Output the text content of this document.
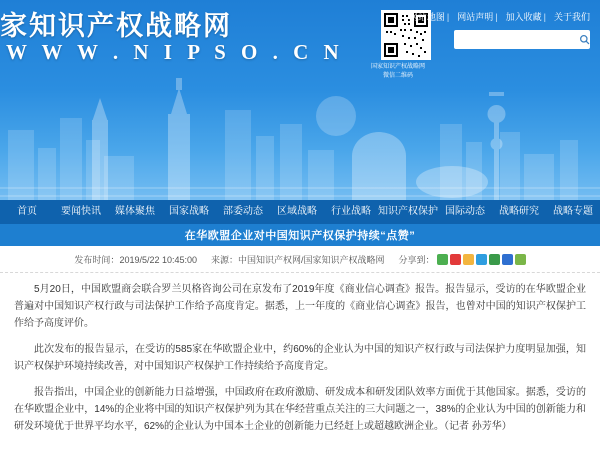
家知识产权战略网
W W W . N I P S O . C N
国家知识产权战略网
微信二维码
网站地图 | 网站声明 | 加入收藏 | 关于我们
首页	要闻快讯	媒体聚焦	国家战略	部委动态	区域战略	行业战略 知识产权保护 国际动态	战略研究	战略专题
在华欧盟企业对中国知识产权保护持续“点赞”
发布时间：2019/5/22 10:45:00 来源：中国知识产权网/国家知识产权战略网 分享到：

5月20日，中国欧盟商会联合罗兰贝格咨询公司在京发布了2019年度《商业信心调查》报告。报告显示，受访的在华欧盟企业普遍对中国知识产权行政与司法保护工作给予高度肯定。据悉，上一年度的《商业信心调查》报告，也曾对中国的知识产权保护工作给予高度评价。

此次发布的报告显示，在受访的585家在华欧盟企业中，约60%的企业认为中国的知识产权行政与司法保护力度明显加强，知识产权保护环境持续改善，对中国知识产权保护工作持续给予高度肯定。

报告指出，中国企业的创新能力日益增强，中国政府在政府激励、研发成本和研发团队效率方面优于其他国家。据悉，受访的在华欧盟企业中，14%的企业将中国的知识产权保护列为其在华经营重点关注的三大问题之一，38%的企业认为中国的创新能力和研发环境优于世界平均水平，62%的企业认为中国本土企业的创新能力已经赶上或超越欧洲企业。（记者 孙芳华）
